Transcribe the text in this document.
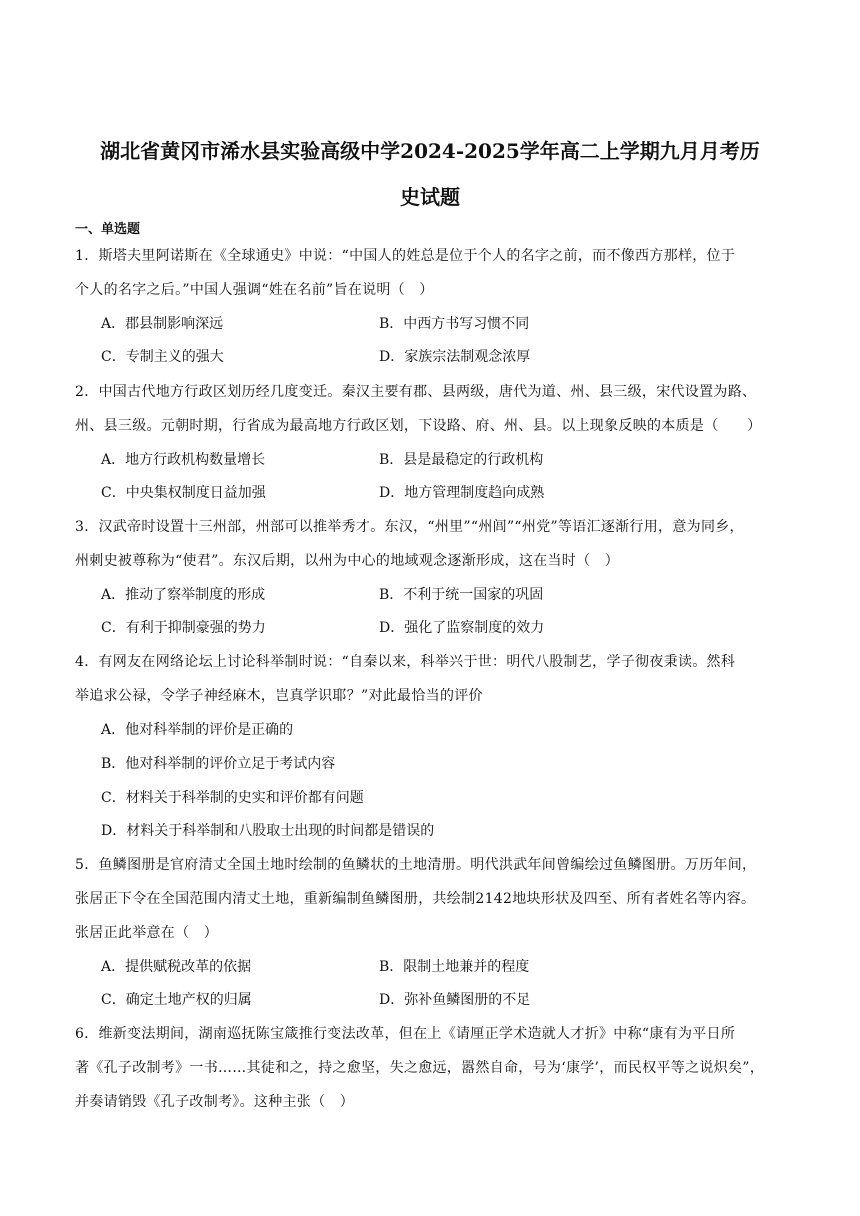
湖北省黄冈市浠水县实验高级中学2024-2025学年高二上学期九月月考历
史试题
一、单选题
1．斯塔夫里阿诺斯在《全球通史》中说：“中国人的姓总是位于个人的名字之前，而不像西方那样，位于
个人的名字之后。”中国人强调“姓在名前”旨在说明（　）
A．郡县制影响深远	B．中西方书写习惯不同
C．专制主义的强大	D．家族宗法制观念浓厚
2．中国古代地方行政区划历经几度变迁。秦汉主要有郡、县两级，唐代为道、州、县三级，宋代设置为路、
州、县三级。元朝时期，行省成为最高地方行政区划，下设路、府、州、县。以上现象反映的本质是（　　）
A．地方行政机构数量增长	B．县是最稳定的行政机构
C．中央集权制度日益加强	D．地方管理制度趋向成熟
3．汉武帝时设置十三州部，州部可以推举秀才。东汉，“州里”“州闾”“州党”等语汇逐渐行用，意为同乡，
州刺史被尊称为“使君”。东汉后期，以州为中心的地域观念逐渐形成，这在当时（　）
A．推动了察举制度的形成	B．不利于统一国家的巩固
C．有利于抑制豪强的势力	D．强化了监察制度的效力
4．有网友在网络论坛上讨论科举制时说：“自秦以来，科举兴于世：明代八股制艺，学子彻夜秉读。然科
举追求公禄，令学子神经麻木，岂真学识耶？”对此最恰当的评价
A．他对科举制的评价是正确的
B．他对科举制的评价立足于考试内容
C．材料关于科举制的史实和评价都有问题
D．材料关于科举制和八股取士出现的时间都是错误的
5．鱼鳞图册是官府清丈全国土地时绘制的鱼鳞状的土地清册。明代洪武年间曾编绘过鱼鳞图册。万历年间，
张居正下令在全国范围内清丈土地，重新编制鱼鳞图册，共绘制2142地块形状及四至、所有者姓名等内容。
张居正此举意在（　）
A．提供赋税改革的依据	B．限制土地兼并的程度
C．确定土地产权的归属	D．弥补鱼鳞图册的不足
6．维新变法期间，湖南巡抚陈宝箴推行变法改革，但在上《请厘正学术造就人才折》中称“康有为平日所
著《孔子改制考》一书……其徒和之，持之愈坚，失之愈远，嚣然自命，号为‘康学’，而民权平等之说炽矣”，
并奏请销毁《孔子改制考》。这种主张（　）
